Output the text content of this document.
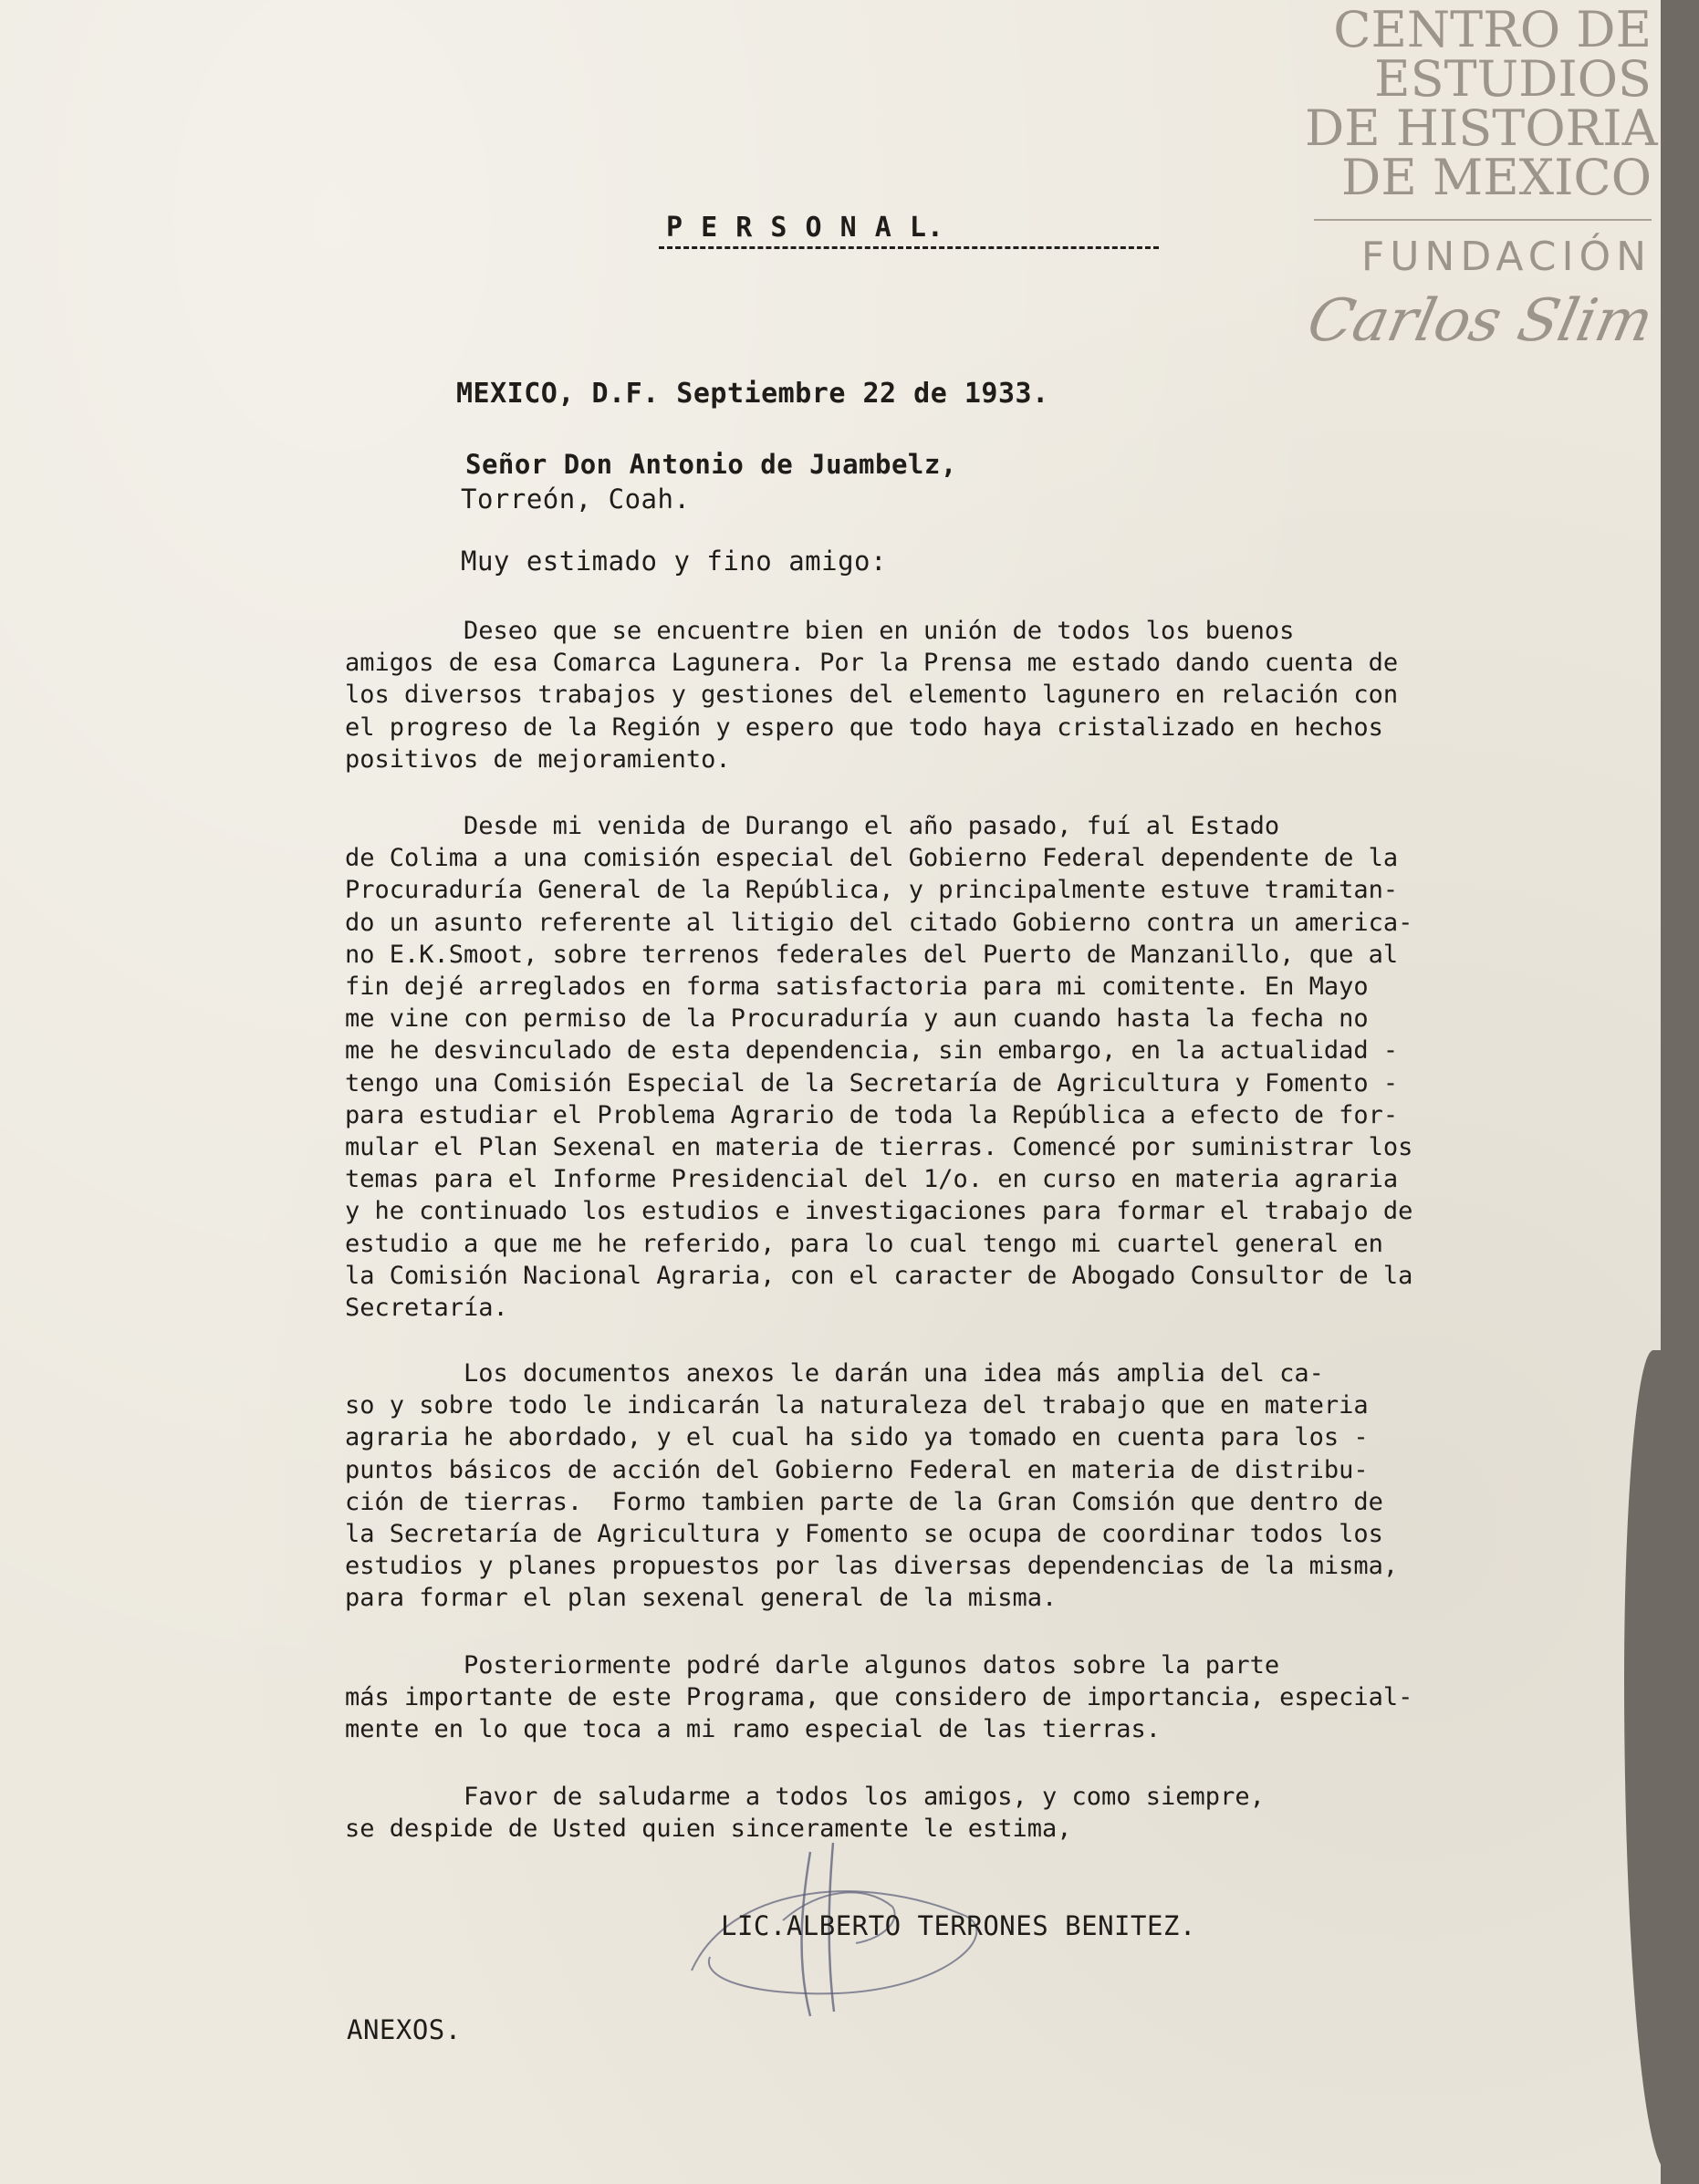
CENTRO DE
ESTUDIOS
DE HISTORIA
DE MEXICO
FUNDACIÓN
Carlos Slim
P E R S O N A L.
MEXICO, D.F. Septiembre 22 de 1933.
Señor Don Antonio de Juambelz,
Torreón, Coah.
Muy estimado y fino amigo:
Deseo que se encuentre bien en unión de todos los buenos
amigos de esa Comarca Lagunera. Por la Prensa me estado dando cuenta de
los diversos trabajos y gestiones del elemento lagunero en relación con
el progreso de la Región y espero que todo haya cristalizado en hechos
positivos de mejoramiento.
Desde mi venida de Durango el año pasado, fuí al Estado
de Colima a una comisión especial del Gobierno Federal dependente de la
Procuraduría General de la República, y principalmente estuve tramitan-
do un asunto referente al litigio del citado Gobierno contra un america-
no E.K.Smoot, sobre terrenos federales del Puerto de Manzanillo, que al
fin dejé arreglados en forma satisfactoria para mi comitente. En Mayo
me vine con permiso de la Procuraduría y aun cuando hasta la fecha no
me he desvinculado de esta dependencia, sin embargo, en la actualidad -
tengo una Comisión Especial de la Secretaría de Agricultura y Fomento -
para estudiar el Problema Agrario de toda la República a efecto de for-
mular el Plan Sexenal en materia de tierras. Comencé por suministrar los
temas para el Informe Presidencial del 1/o. en curso en materia agraria
y he continuado los estudios e investigaciones para formar el trabajo de
estudio a que me he referido, para lo cual tengo mi cuartel general en
la Comisión Nacional Agraria, con el caracter de Abogado Consultor de la
Secretaría.
Los documentos anexos le darán una idea más amplia del ca-
so y sobre todo le indicarán la naturaleza del trabajo que en materia
agraria he abordado, y el cual ha sido ya tomado en cuenta para los -
puntos básicos de acción del Gobierno Federal en materia de distribu-
ción de tierras.  Formo tambien parte de la Gran Comsión que dentro de
la Secretaría de Agricultura y Fomento se ocupa de coordinar todos los
estudios y planes propuestos por las diversas dependencias de la misma,
para formar el plan sexenal general de la misma.
Posteriormente podré darle algunos datos sobre la parte
más importante de este Programa, que considero de importancia, especial-
mente en lo que toca a mi ramo especial de las tierras.
Favor de saludarme a todos los amigos, y como siempre,
se despide de Usted quien sinceramente le estima,
LIC.ALBERTO TERRONES BENITEZ.
ANEXOS.
